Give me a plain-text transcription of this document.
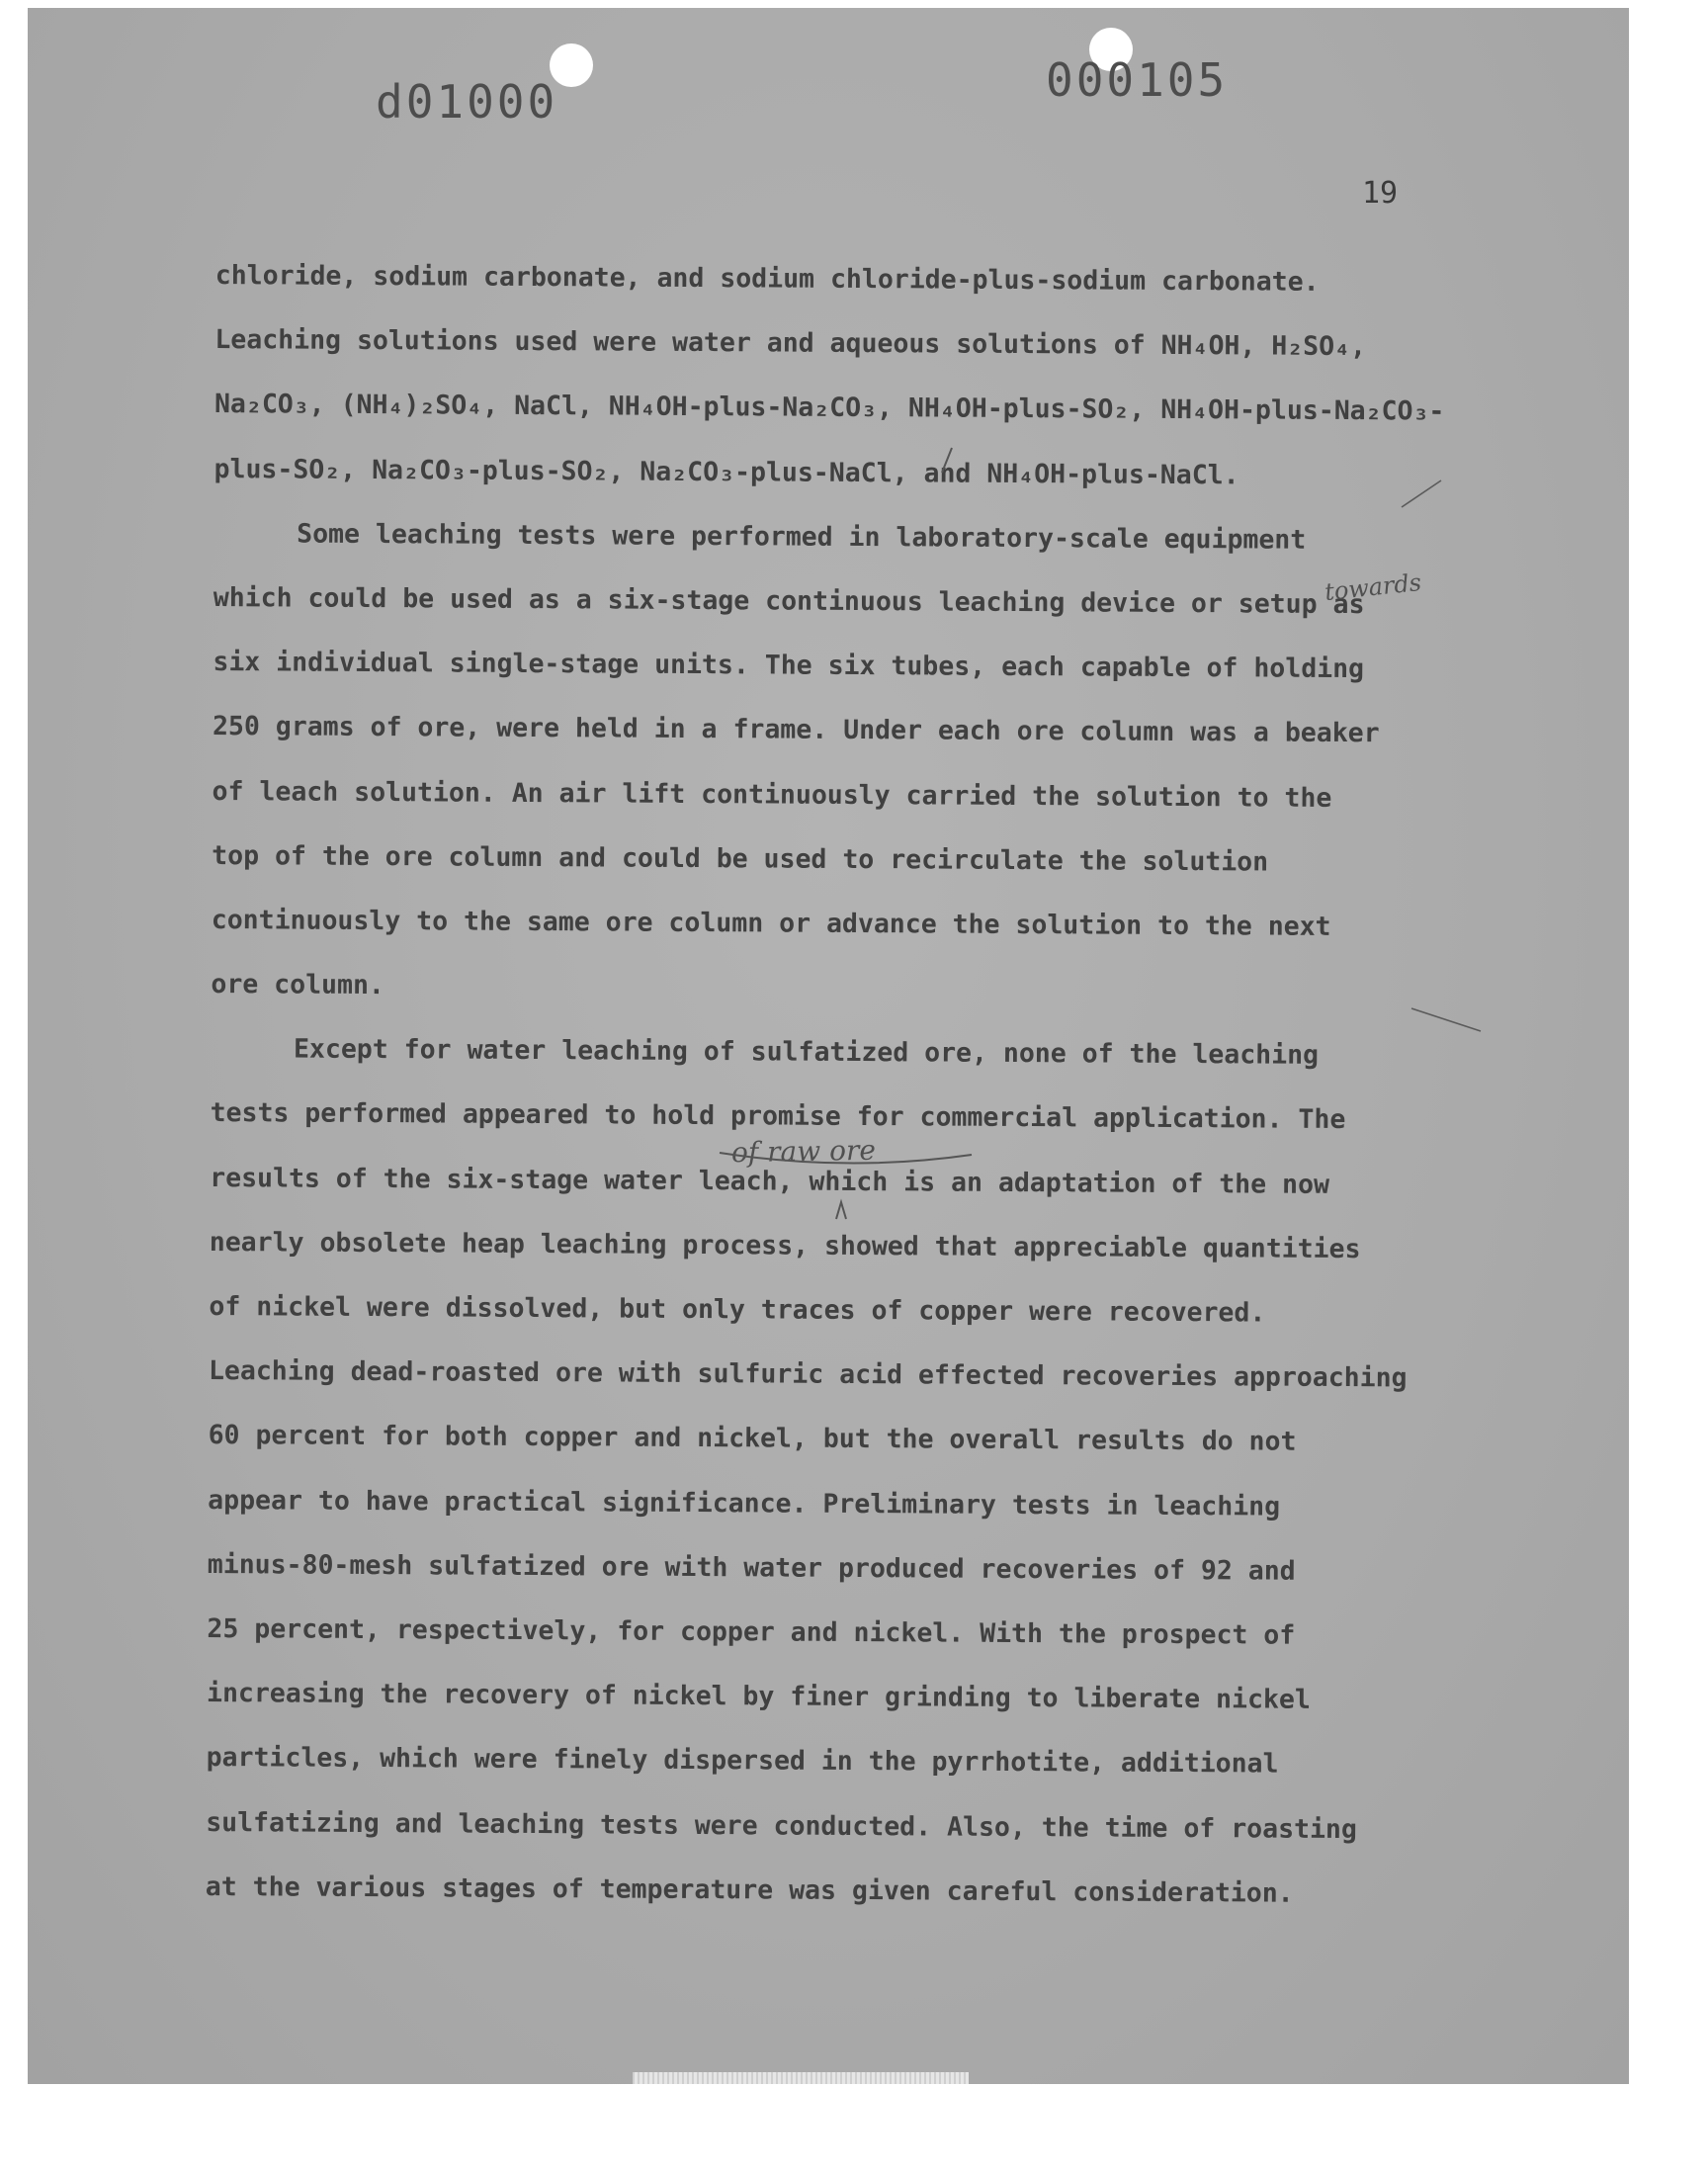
d01000	000105
19
chloride, sodium carbonate, and sodium chloride-plus-sodium carbonate.
Leaching solutions used were water and aqueous solutions of NH₄OH, H₂SO₄,
Na₂CO₃, (NH₄)₂SO₄, NaCl, NH₄OH-plus-Na₂CO₃, NH₄OH-plus-SO₂, NH₄OH-plus-Na₂CO₃-
plus-SO₂, Na₂CO₃-plus-SO₂, Na₂CO₃-plus-NaCl, and NH₄OH-plus-NaCl.
Some leaching tests were performed in laboratory-scale equipment
which could be used as a six-stage continuous leaching device or setup as
six individual single-stage units. The six tubes, each capable of holding
250 grams of ore, were held in a frame. Under each ore column was a beaker
of leach solution. An air lift continuously carried the solution to the
top of the ore column and could be used to recirculate the solution
continuously to the same ore column or advance the solution to the next
ore column.
Except for water leaching of sulfatized ore, none of the leaching
tests performed appeared to hold promise for commercial application. The
results of the six-stage water leach, which is an adaptation of the now
nearly obsolete heap leaching process, showed that appreciable quantities
of nickel were dissolved, but only traces of copper were recovered.
Leaching dead-roasted ore with sulfuric acid effected recoveries approaching
60 percent for both copper and nickel, but the overall results do not
appear to have practical significance. Preliminary tests in leaching
minus-80-mesh sulfatized ore with water produced recoveries of 92 and
25 percent, respectively, for copper and nickel. With the prospect of
increasing the recovery of nickel by finer grinding to liberate nickel
particles, which were finely dispersed in the pyrrhotite, additional
sulfatizing and leaching tests were conducted. Also, the time of roasting
at the various stages of temperature was given careful consideration.
towards
of raw ore
